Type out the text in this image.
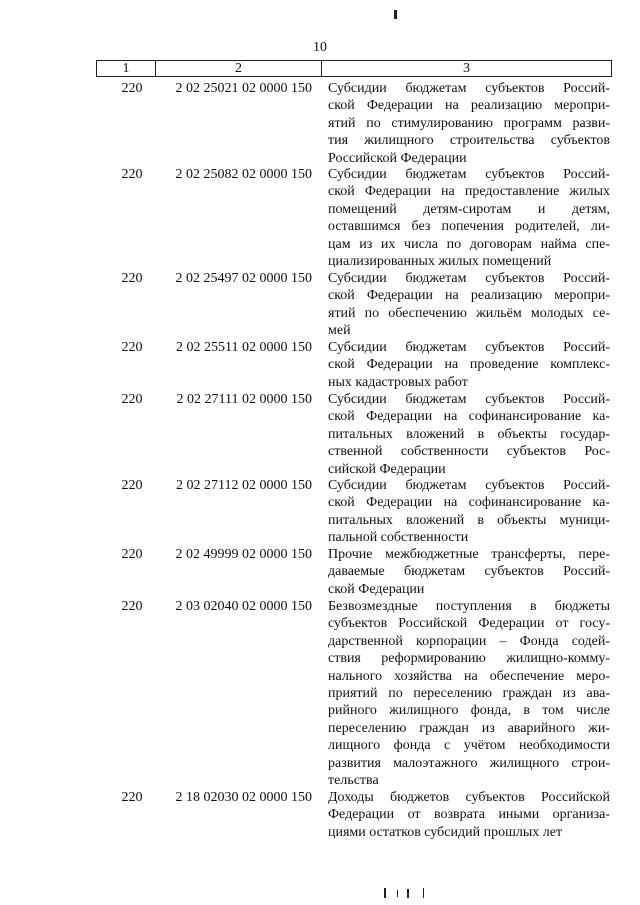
10
1	2	3
220	2 02 25021 02 0000 150 Субсидии бюджетам субъектов Россий-
ской Федерации на реализацию меропри-
ятий по стимулированию программ разви-
тия жилищного строительства субъектов
Российской Федерации
220	2 02 25082 02 0000 150 Субсидии бюджетам субъектов Россий-
ской Федерации на предоставление жилых
помещений детям-сиротам и детям,
оставшимся без попечения родителей, ли-
цам из их числа по договорам найма спе-
циализированных жилых помещений
220	2 02 25497 02 0000 150 Субсидии бюджетам субъектов Россий-
ской Федерации на реализацию меропри-
ятий по обеспечению жильём молодых се-
мей
220	2 02 25511 02 0000 150 Субсидии бюджетам субъектов Россий-
ской Федерации на проведение комплекс-
ных кадастровых работ
220	2 02 27111 02 0000 150 Субсидии бюджетам субъектов Россий-
ской Федерации на софинансирование ка-
питальных вложений в объекты государ-
ственной собственности субъектов Рос-
сийской Федерации
220	2 02 27112 02 0000 150 Субсидии бюджетам субъектов Россий-
ской Федерации на софинансирование ка-
питальных вложений в объекты муници-
пальной собственности
220	2 02 49999 02 0000 150 Прочие межбюджетные трансферты, пере-
даваемые бюджетам субъектов Россий-
ской Федерации
220	2 03 02040 02 0000 150 Безвозмездные поступления в бюджеты
субъектов Российской Федерации от госу-
дарственной корпорации – Фонда содей-
ствия реформированию жилищно-комму-
нального хозяйства на обеспечение меро-
приятий по переселению граждан из ава-
рийного жилищного фонда, в том числе
переселению граждан из аварийного жи-
лищного фонда с учётом необходимости
развития малоэтажного жилищного строи-
тельства
220	2 18 02030 02 0000 150 Доходы бюджетов субъектов Российской
Федерации от возврата иными организа-
циями остатков субсидий прошлых лет
